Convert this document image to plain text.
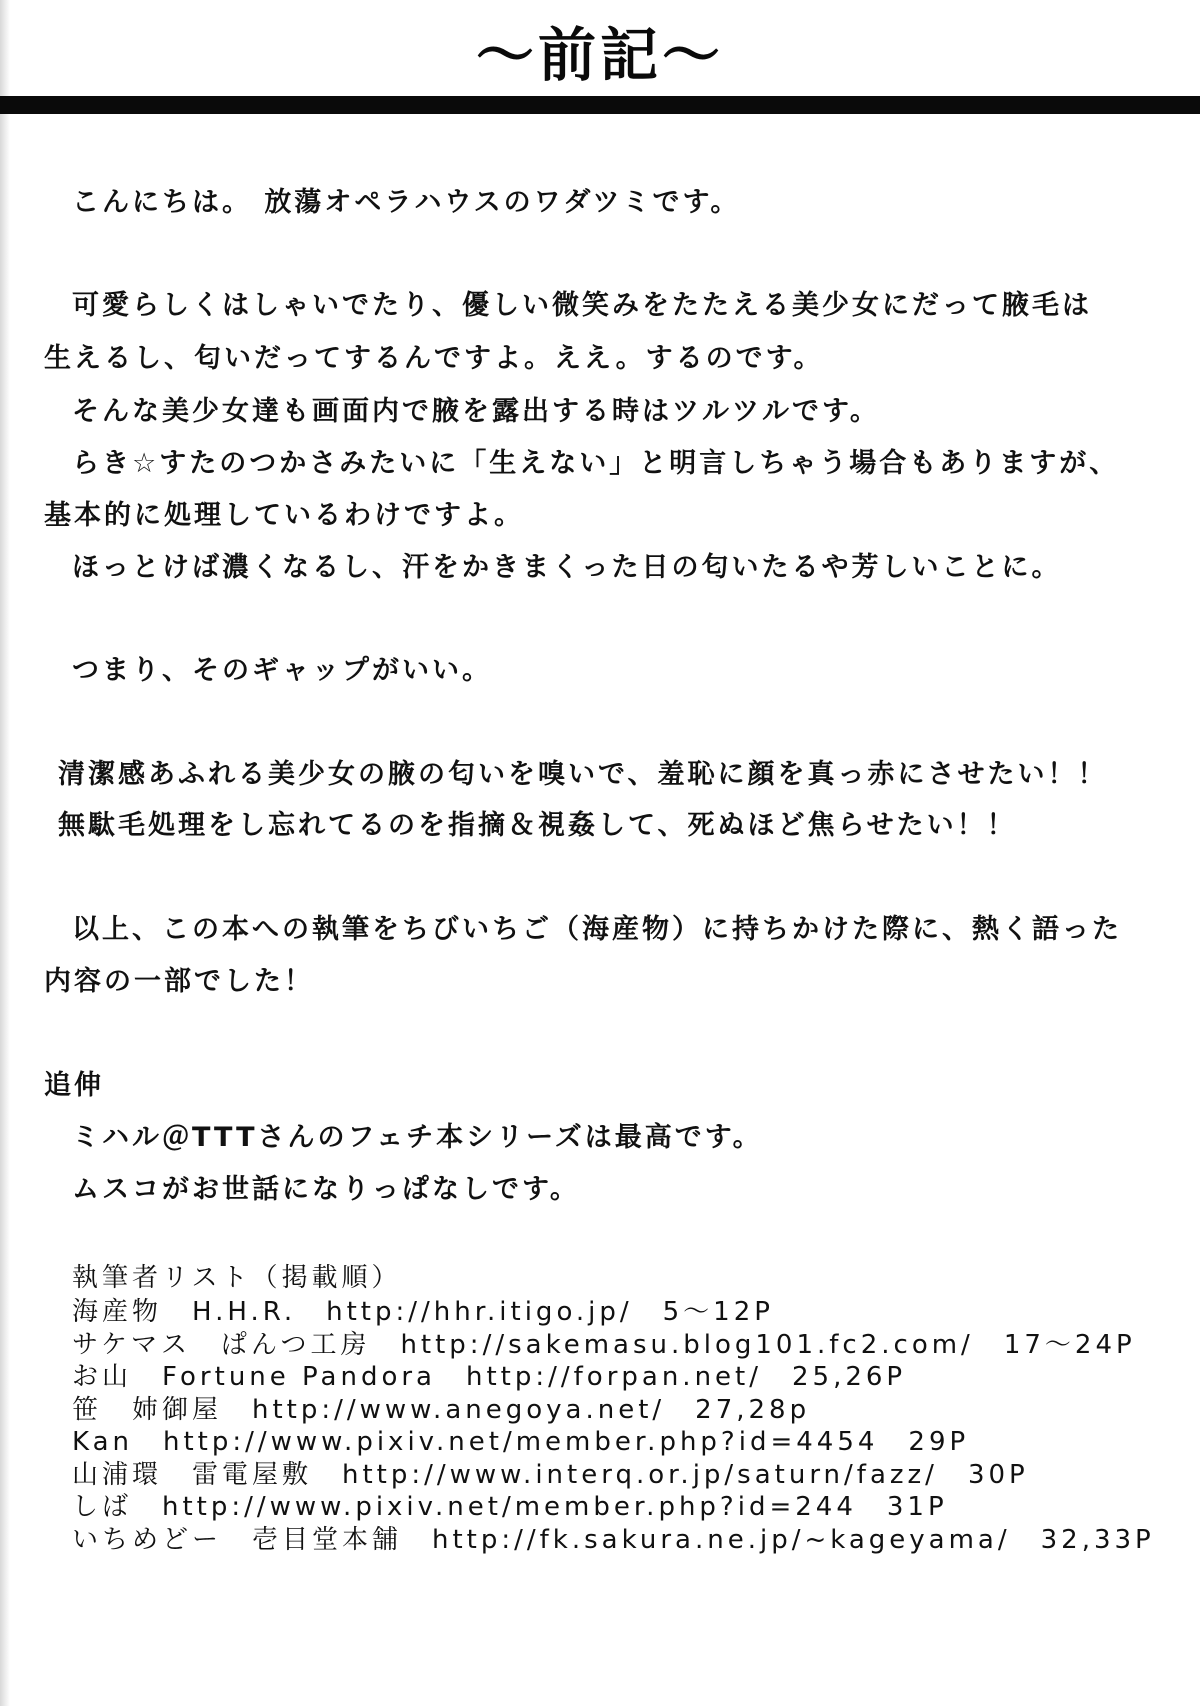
～前記～
こんにちは。 放蕩オペラハウスのワダツミです。
可愛らしくはしゃいでたり、優しい微笑みをたたえる美少女にだって腋毛は
生えるし、匂いだってするんですよ。ええ。するのです。
そんな美少女達も画面内で腋を露出する時はツルツルです。
らき☆すたのつかさみたいに「生えない」と明言しちゃう場合もありますが、
基本的に処理しているわけですよ。
ほっとけば濃くなるし、汗をかきまくった日の匂いたるや芳しいことに。
つまり、そのギャップがいい。
清潔感あふれる美少女の腋の匂いを嗅いで、羞恥に顔を真っ赤にさせたい！！
無駄毛処理をし忘れてるのを指摘＆視姦して、死ぬほど焦らせたい！！
以上、この本への執筆をちびいちご（海産物）に持ちかけた際に、熱く語った
内容の一部でした！
追伸
ミハル＠TTTさんのフェチ本シリーズは最高です。
ムスコがお世話になりっぱなしです。
執筆者リスト（掲載順）
海産物　H.H.R.　http://hhr.itigo.jp/　5～12P
サケマス　ぱんつ工房　http://sakemasu.blog101.fc2.com/　17～24P
お山　Fortune Pandora　http://forpan.net/　25,26P
笹　姉御屋　http://www.anegoya.net/　27,28p
Kan　http://www.pixiv.net/member.php?id=4454　29P
山浦環　雷電屋敷　http://www.interq.or.jp/saturn/fazz/　30P
しば　http://www.pixiv.net/member.php?id=244　31P
いちめどー　壱目堂本舗　http://fk.sakura.ne.jp/~kageyama/　32,33P
